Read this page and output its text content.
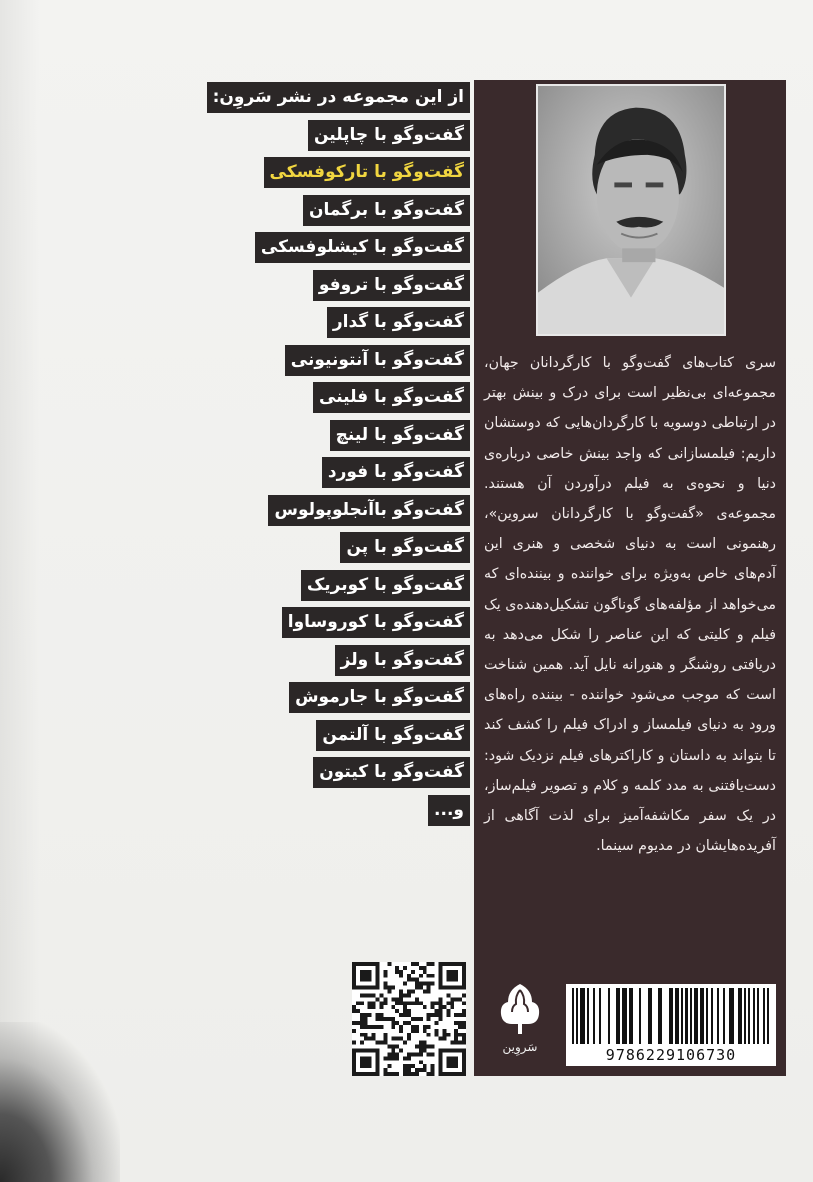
از این مجموعه در نشر سَروِن:
گفت‌وگو با چاپلین
گفت‌وگو با تارکوفسکی
گفت‌وگو با برگمان
گفت‌وگو با کیشلوفسکی
گفت‌وگو با تروفو
گفت‌وگو با گدار
گفت‌وگو با آنتونیونی
گفت‌وگو با فلینی
گفت‌وگو با لینچ
گفت‌وگو با فورد
گفت‌وگو باآنجلوپولوس
گفت‌وگو با پن
گفت‌وگو با کوبریک
گفت‌وگو با کوروساوا
گفت‌وگو با ولز
گفت‌وگو با جارموش
گفت‌وگو با آلتمن
گفت‌وگو با کیتون
و...
سری کتاب‌های گفت‌وگو با کارگردانان جهان، مجموعه‌ای بی‌نظیر است برای درک و بینش بهتر در ارتباطی دوسویه با کارگردان‌هایی که دوستشان داریم: فیلمسازانی که واجد بینش خاصی درباره‌ی دنیا و نحوه‌ی به فیلم درآوردن آن هستند. مجموعه‌ی «گفت‌وگو با کارگردانان سروین»، رهنمونی است به دنیای شخصی و هنری این آدم‌های خاص به‌ویژه برای خواننده و بیننده‌ای که می‌خواهد از مؤلفه‌های گوناگون تشکیل‌دهنده‌ی یک فیلم و کلیتی که این عناصر را شکل می‌دهد به دریافتی روشنگر و هنورانه نایل آید. همین شناخت است که موجب می‌شود خواننده - بیننده راه‌های ورود به دنیای فیلمساز و ادراک فیلم را کشف کند تا بتواند به داستان و کاراکترهای فیلم نزدیک شود: دست‌یافتنی به مدد کلمه و کلام و تصویر فیلم‌ساز، در یک سفر مکاشفه‌آمیز برای لذت آگاهی از آفریده‌هایشان در مدیوم سینما.
سَروِین	9786229106730
